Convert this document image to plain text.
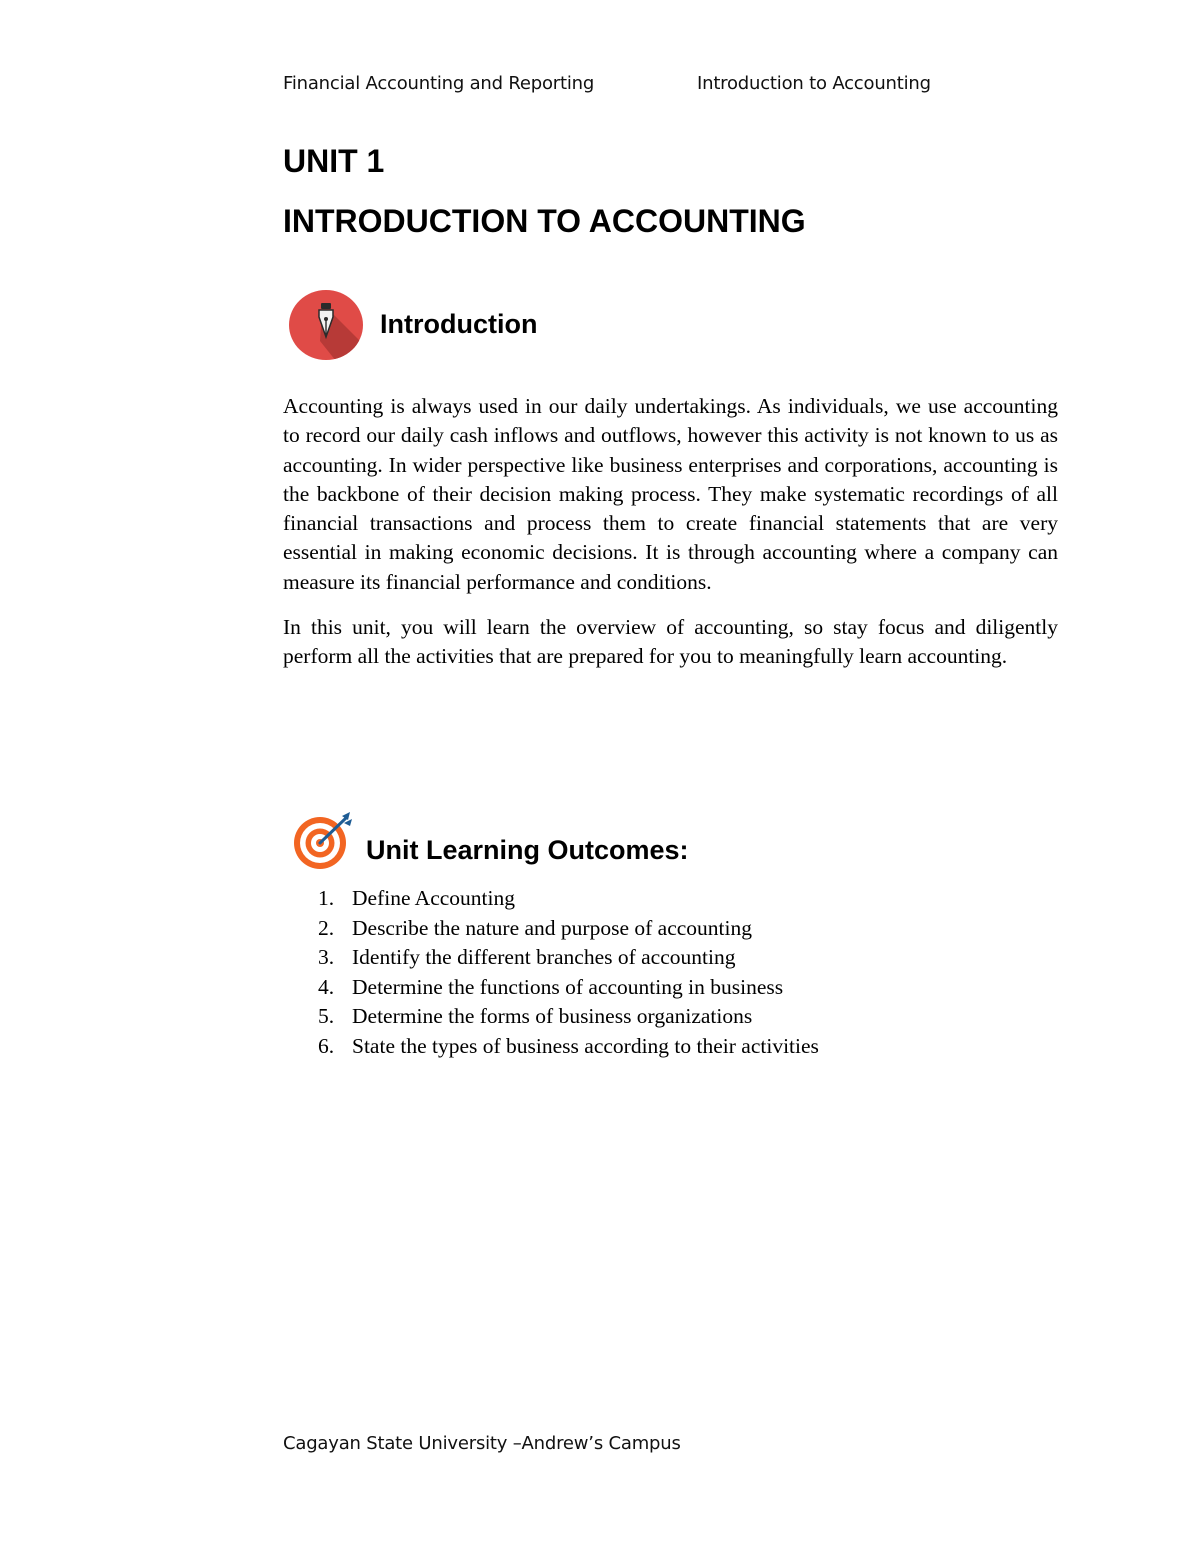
Financial Accounting and Reporting	Introduction to Accounting
UNIT 1
INTRODUCTION TO ACCOUNTING
Introduction

Accounting is always used in our daily undertakings. As individuals, we use accounting to record our daily cash inflows and outflows, however this activity is not known to us as accounting. In wider perspective like business enterprises and corporations, accounting is the backbone of their decision making process. They make systematic recordings of all financial transactions and process them to create financial statements that are very essential in making economic decisions. It is through accounting where a company can measure its financial performance and conditions.

In this unit, you will learn the overview of accounting, so stay focus and diligently perform all the activities that are prepared for you to meaningfully learn accounting.

Unit Learning Outcomes:
1. Define Accounting
2. Describe the nature and purpose of accounting
3. Identify the different branches of accounting
4. Determine the functions of accounting in business
5. Determine the forms of business organizations
6. State the types of business according to their activities
Cagayan State University –Andrew’s Campus
